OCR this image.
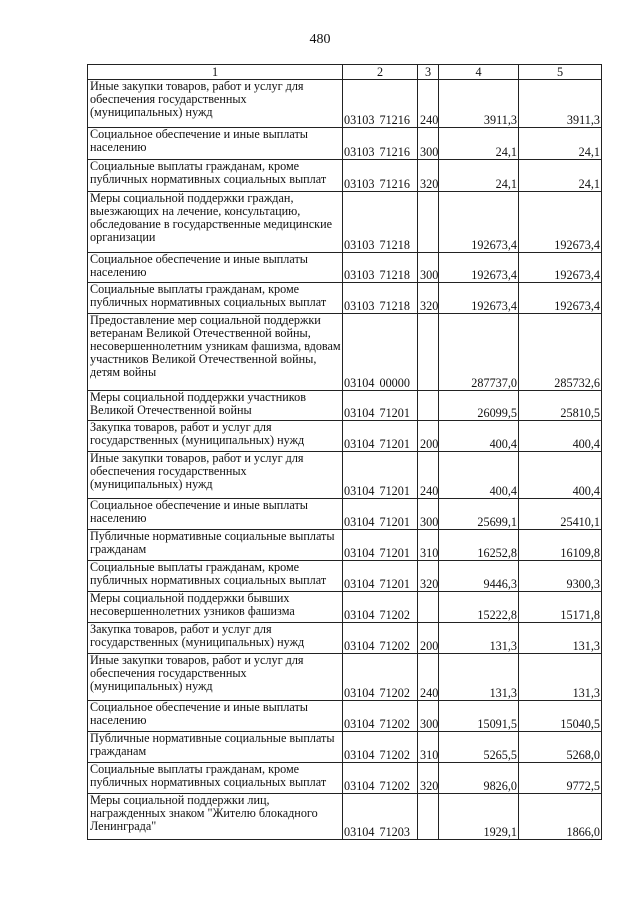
480
1	2	3	4	5
Иные закупки товаров, работ и услуг для обеспечения государственных (муниципальных) нужд	03103 71216	240	3911,3	3911,3
Социальное обеспечение и иные выплаты населению	03103 71216	300	24,1	24,1
Социальные выплаты гражданам, кроме публичных нормативных социальных выплат	03103 71216	320	24,1	24,1
Меры социальной поддержки граждан, выезжающих на лечение, консультацию, обследование в государственные медицинские организации	03103 71218		192673,4	192673,4
Социальное обеспечение и иные выплаты населению	03103 71218	300	192673,4	192673,4
Социальные выплаты гражданам, кроме публичных нормативных социальных выплат	03103 71218	320	192673,4	192673,4
Предоставление мер социальной поддержки ветеранам Великой Отечественной войны, несовершеннолетним узникам фашизма, вдовам участников Великой Отечественной войны, детям войны	03104 00000		287737,0	285732,6
Меры социальной поддержки участников Великой Отечественной войны	03104 71201		26099,5	25810,5
Закупка товаров, работ и услуг для государственных (муниципальных) нужд	03104 71201	200	400,4	400,4
Иные закупки товаров, работ и услуг для обеспечения государственных (муниципальных) нужд	03104 71201	240	400,4	400,4
Социальное обеспечение и иные выплаты населению	03104 71201	300	25699,1	25410,1
Публичные нормативные социальные выплаты гражданам	03104 71201	310	16252,8	16109,8
Социальные выплаты гражданам, кроме публичных нормативных социальных выплат	03104 71201	320	9446,3	9300,3
Меры социальной поддержки бывших несовершеннолетних узников фашизма	03104 71202		15222,8	15171,8
Закупка товаров, работ и услуг для государственных (муниципальных) нужд	03104 71202	200	131,3	131,3
Иные закупки товаров, работ и услуг для обеспечения государственных (муниципальных) нужд	03104 71202	240	131,3	131,3
Социальное обеспечение и иные выплаты населению	03104 71202	300	15091,5	15040,5
Публичные нормативные социальные выплаты гражданам	03104 71202	310	5265,5	5268,0
Социальные выплаты гражданам, кроме публичных нормативных социальных выплат	03104 71202	320	9826,0	9772,5
Меры социальной поддержки лиц, награжденных знаком "Жителю блокадного Ленинграда"	03104 71203		1929,1	1866,0
